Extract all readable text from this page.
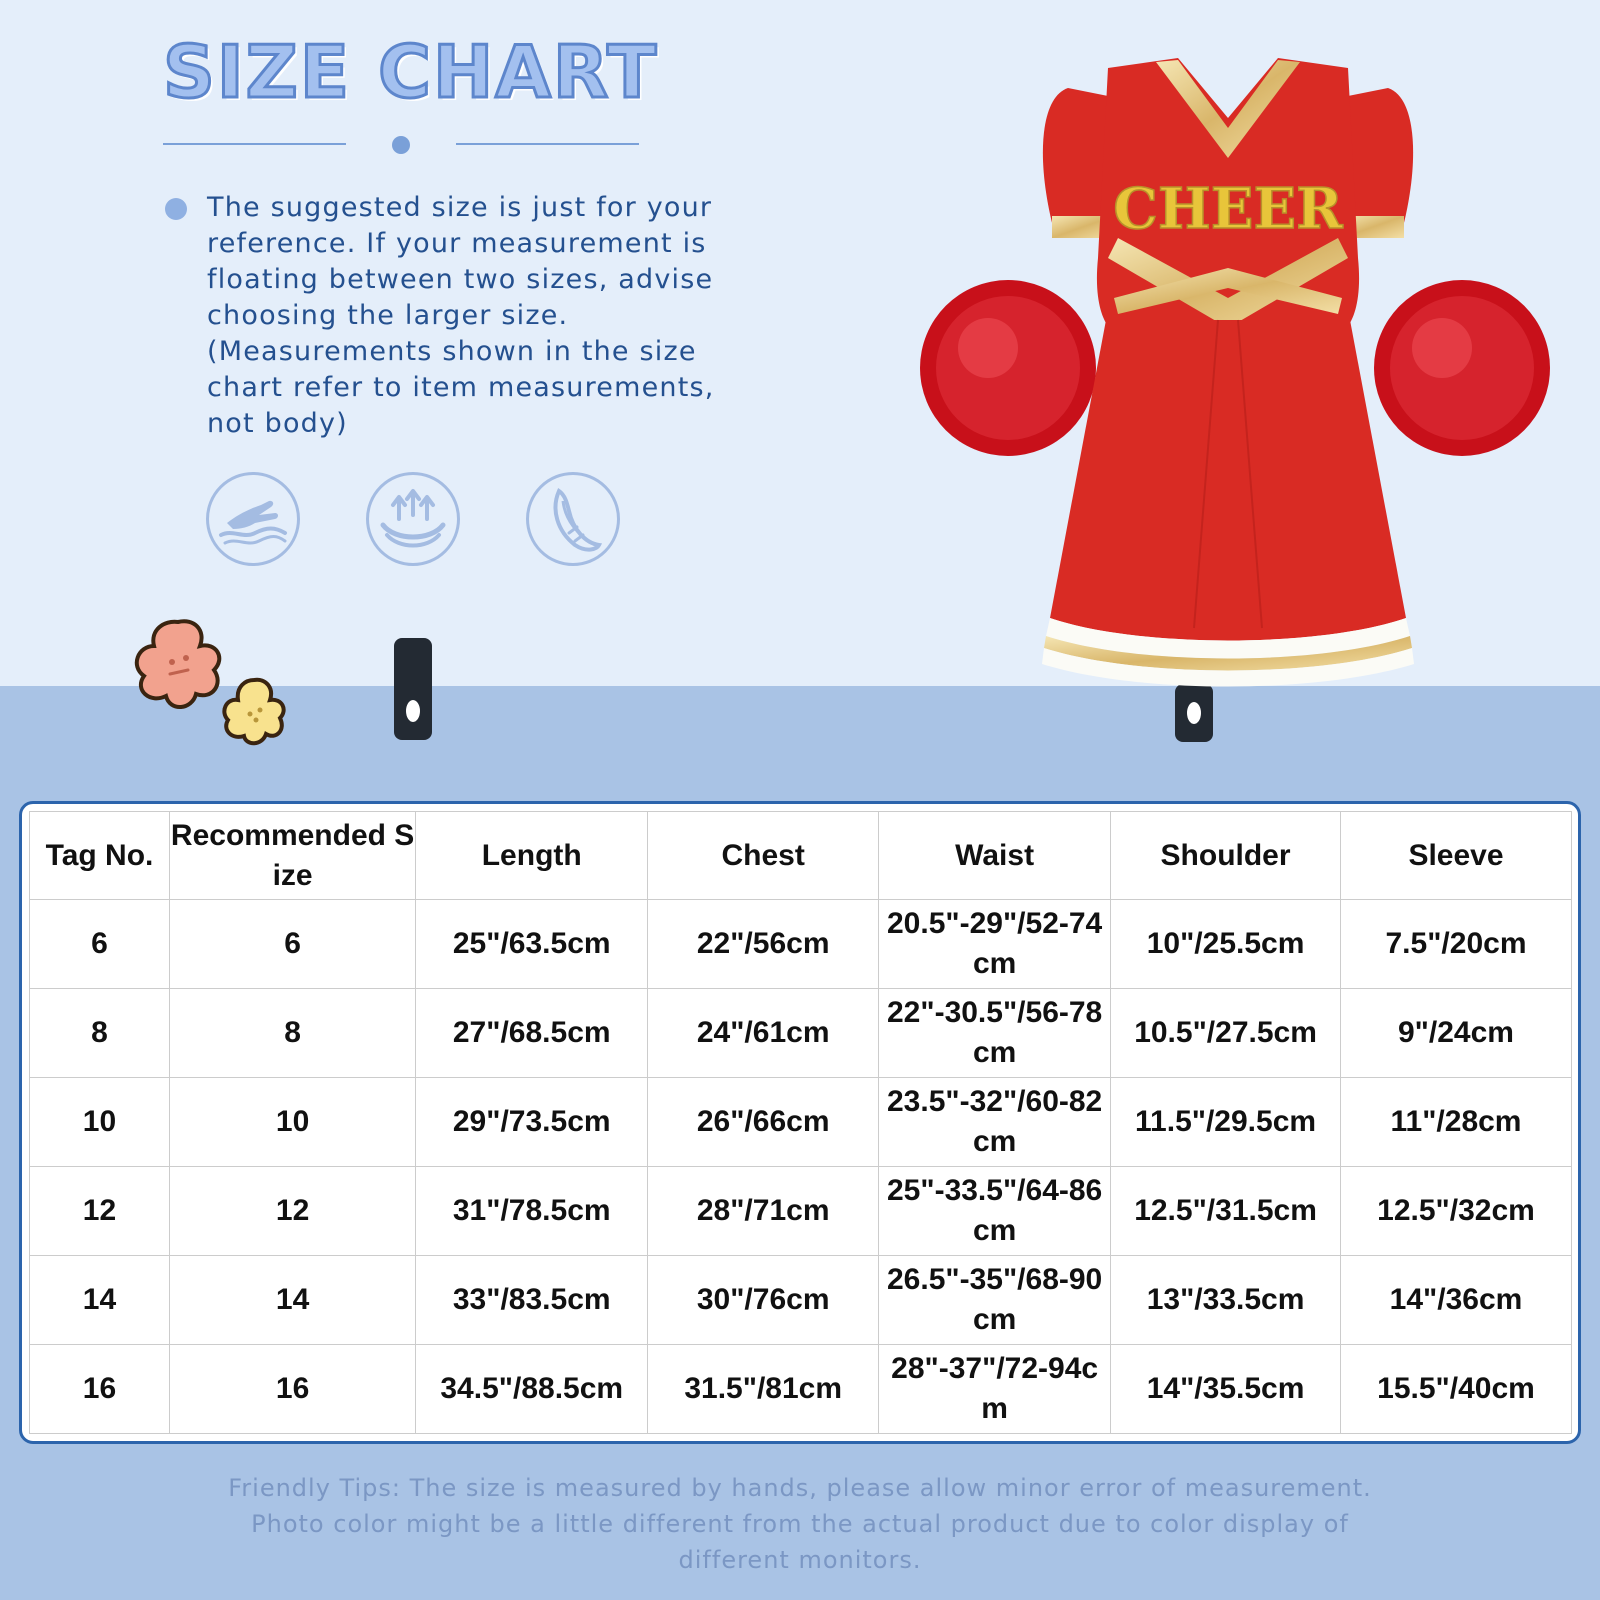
SIZE CHART
The suggested size is just for your
reference. If your measurement is
floating between two sizes, advise
choosing the larger size.
(Measurements shown in the size
chart refer to item measurements,
not body)
CHEER
Tag No.	Recommended Size	Length	Chest	Waist	Shoulder	Sleeve
6	6	25"/63.5cm	22"/56cm	20.5"-29"/52-74cm	10"/25.5cm	7.5"/20cm
8	8	27"/68.5cm	24"/61cm	22"-30.5"/56-78cm	10.5"/27.5cm	9"/24cm
10	10	29"/73.5cm	26"/66cm	23.5"-32"/60-82cm	11.5"/29.5cm	11"/28cm
12	12	31"/78.5cm	28"/71cm	25"-33.5"/64-86cm	12.5"/31.5cm	12.5"/32cm
14	14	33"/83.5cm	30"/76cm	26.5"-35"/68-90cm	13"/33.5cm	14"/36cm
16	16	34.5"/88.5cm	31.5"/81cm	28"-37"/72-94cm	14"/35.5cm	15.5"/40cm
Friendly Tips: The size is measured by hands, please allow minor error of measurement.
Photo color might be a little different from the actual product due to color display of
different monitors.
